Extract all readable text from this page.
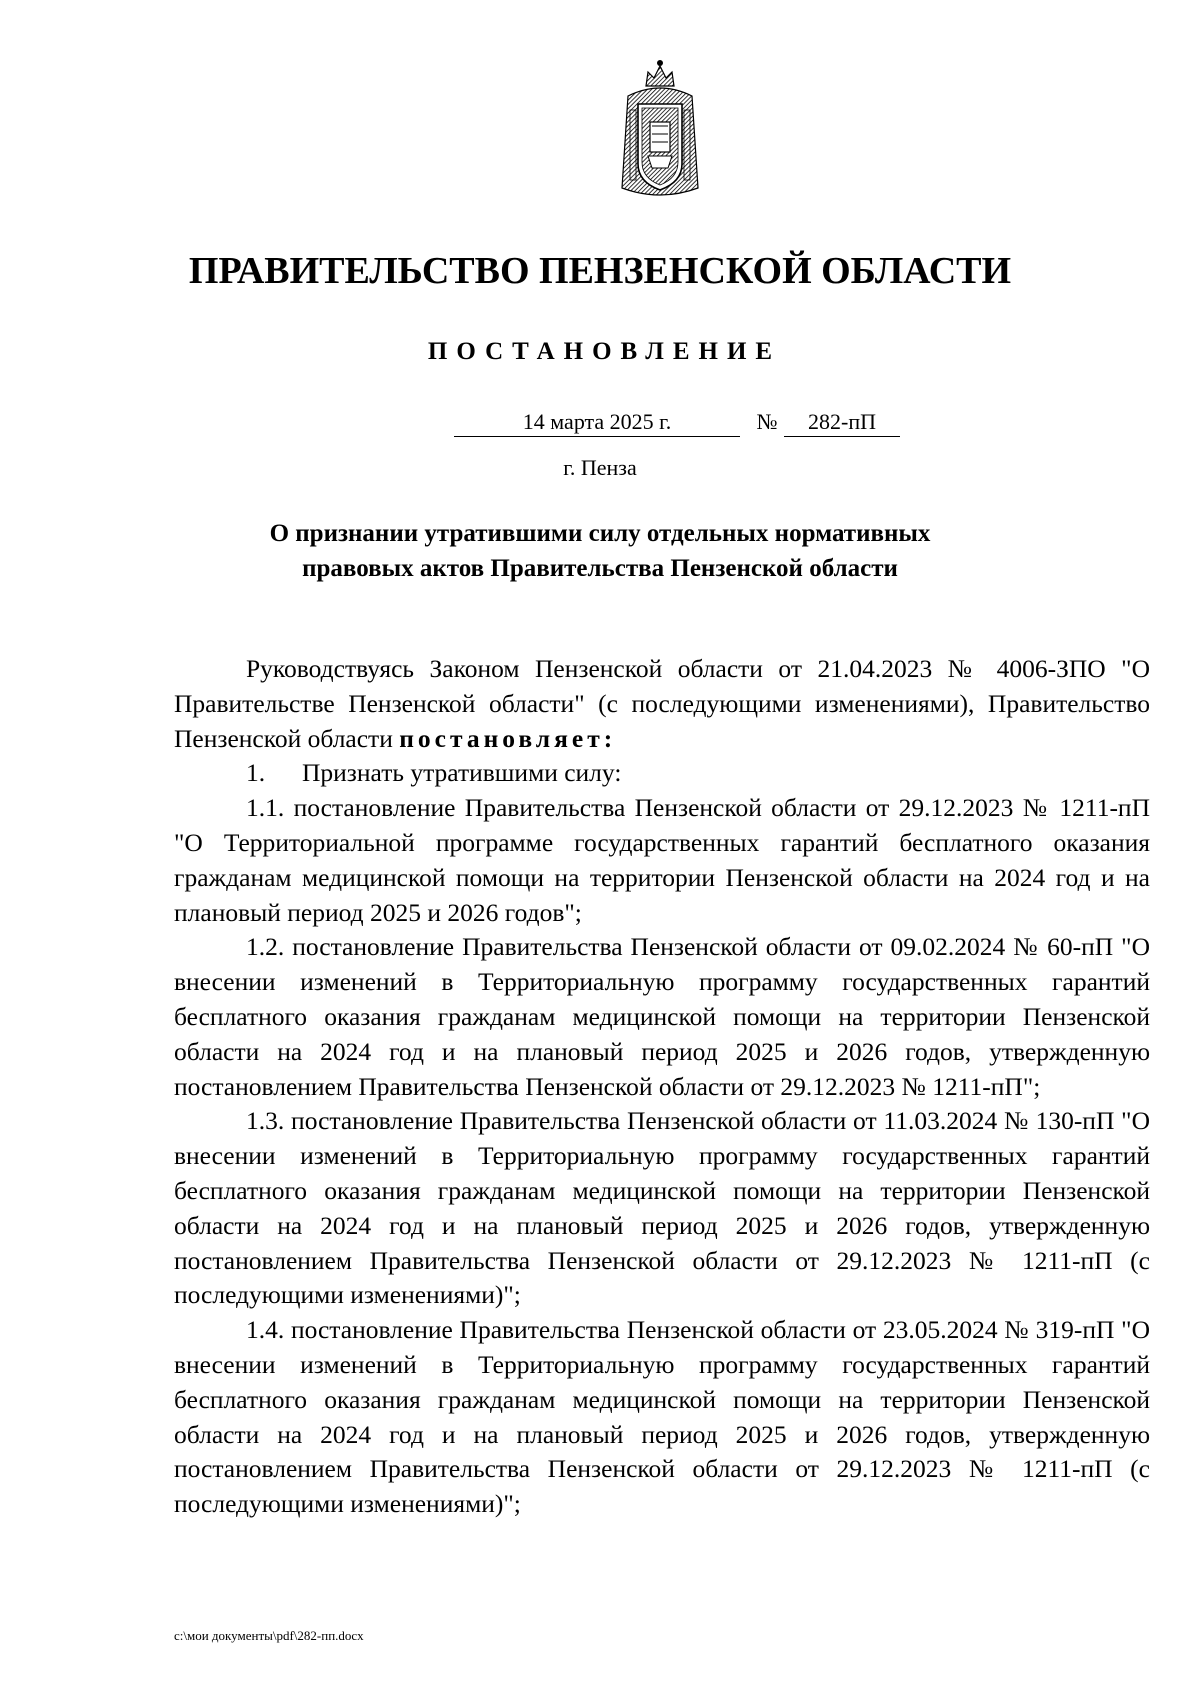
ПРАВИТЕЛЬСТВО ПЕНЗЕНСКОЙ ОБЛАСТИ
ПОСТАНОВЛЕНИЕ
14 марта 2025 г.	№	282-пП
г. Пенза
О признании утратившими силу отдельных нормативных
правовых актов Правительства Пензенской области

Руководствуясь Законом Пензенской области от 21.04.2023 № 4006-ЗПО "О Правительстве Пензенской области" (с последующими изменениями), Правительство Пензенской области постановляет:

1. Признать утратившими силу:

1.1. постановление Правительства Пензенской области от 29.12.2023 № 1211-пП "О Территориальной программе государственных гарантий бесплатного оказания гражданам медицинской помощи на территории Пензенской области на 2024 год и на плановый период 2025 и 2026 годов";

1.2. постановление Правительства Пензенской области от 09.02.2024 № 60-пП "О внесении изменений в Территориальную программу государственных гарантий бесплатного оказания гражданам медицинской помощи на территории Пензенской области на 2024 год и на плановый период 2025 и 2026 годов, утвержденную постановлением Правительства Пензенской области от 29.12.2023 № 1211-пП";

1.3. постановление Правительства Пензенской области от 11.03.2024 № 130-пП "О внесении изменений в Территориальную программу государственных гарантий бесплатного оказания гражданам медицинской помощи на территории Пензенской области на 2024 год и на плановый период 2025 и 2026 годов, утвержденную постановлением Правительства Пензенской области от 29.12.2023 № 1211-пП (с последующими изменениями)";

1.4. постановление Правительства Пензенской области от 23.05.2024 № 319-пП "О внесении изменений в Территориальную программу государственных гарантий бесплатного оказания гражданам медицинской помощи на территории Пензенской области на 2024 год и на плановый период 2025 и 2026 годов, утвержденную постановлением Правительства Пензенской области от 29.12.2023 № 1211-пП (с последующими изменениями)";

c:\мои документы\pdf\282-пп.docx
